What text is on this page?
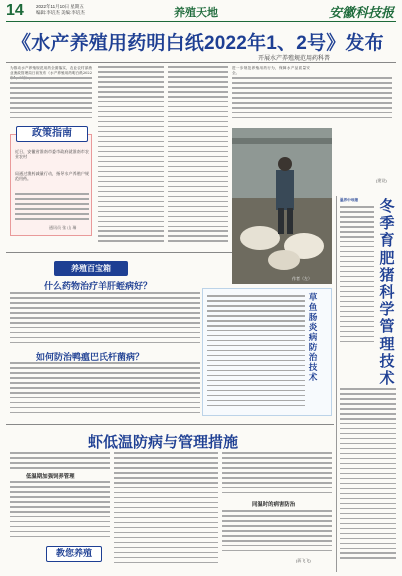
14	2022年11月10日 星期五
编辑:李培杰 美编:李培杰	养殖天地	安徽科技报
《水产养殖用药明白纸2022年1、2号》发布
开展水产养殖规范用药科普
为推动水产养殖规范用药全面落实，农业农村部渔业渔政管理局日前发布《水产养殖用药明白纸2022
进一步规范养殖用药行为，保障水产品质量安全。
近日，安徽省淮南市委市政府就淮南市农业农村
局通过渔药减量行动，指导水产养殖户规范用药。
通讯员 张 山 瑞
政策指南
作者（左）
温养中母猪	冬季育肥猪科学管理技术
(建设)
养殖百宝箱
什么药物治疗羊肝蛭病好？
如何防治鸭瘟巴氏杆菌病？
草鱼肠炎病防治技术
虾低温防病与管理措施
低温期加强饲养管理
同温时的病害防治
(蒋飞飞)
教您养殖
